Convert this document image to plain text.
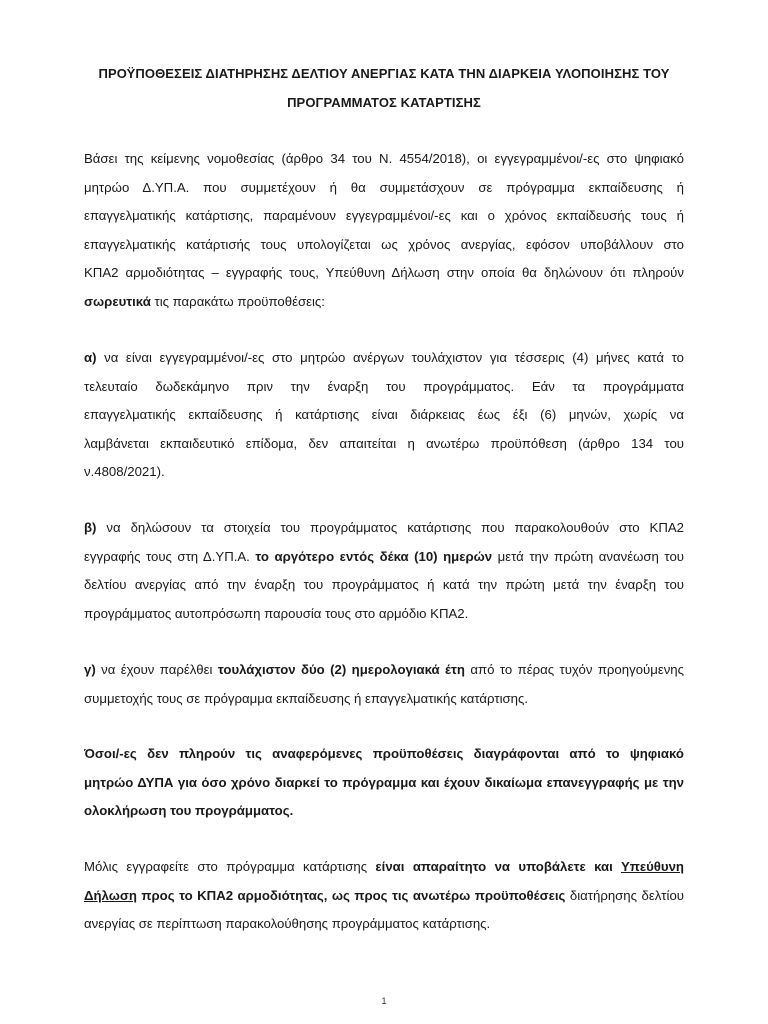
ΠΡΟΫΠΟΘΕΣΕΙΣ ΔΙΑΤΗΡΗΣΗΣ ΔΕΛΤΙΟΥ ΑΝΕΡΓΙΑΣ ΚΑΤΑ ΤΗΝ ΔΙΑΡΚΕΙΑ ΥΛΟΠΟΙΗΣΗΣ ΤΟΥ
ΠΡΟΓΡΑΜΜΑΤΟΣ ΚΑΤΑΡΤΙΣΗΣ
Βάσει της κείμενης νομοθεσίας (άρθρο 34 του Ν. 4554/2018), οι εγγεγραμμένοι/-ες στο ψηφιακό
μητρώο Δ.ΥΠ.Α. που συμμετέχουν ή θα συμμετάσχουν σε πρόγραμμα εκπαίδευσης ή
επαγγελματικής κατάρτισης, παραμένουν εγγεγραμμένοι/-ες και ο χρόνος εκπαίδευσής τους ή
επαγγελματικής κατάρτισής τους υπολογίζεται ως χρόνος ανεργίας, εφόσον υποβάλλουν στο
ΚΠΑ2 αρμοδιότητας – εγγραφής τους, Υπεύθυνη Δήλωση στην οποία θα δηλώνουν ότι πληρούν
σωρευτικά τις παρακάτω προϋποθέσεις:
α) να είναι εγγεγραμμένοι/-ες στο μητρώο ανέργων τουλάχιστον για τέσσερις (4) μήνες κατά το
τελευταίο δωδεκάμηνο πριν την έναρξη του προγράμματος. Εάν τα προγράμματα
επαγγελματικής εκπαίδευσης ή κατάρτισης είναι διάρκειας έως έξι (6) μηνών, χωρίς να
λαμβάνεται εκπαιδευτικό επίδομα, δεν απαιτείται η ανωτέρω προϋπόθεση (άρθρο 134 του
ν.4808/2021).
β) να δηλώσουν τα στοιχεία του προγράμματος κατάρτισης που παρακολουθούν στο ΚΠΑ2
εγγραφής τους στη Δ.ΥΠ.Α. το αργότερο εντός δέκα (10) ημερών μετά την πρώτη ανανέωση του
δελτίου ανεργίας από την έναρξη του προγράμματος ή κατά την πρώτη μετά την έναρξη του
προγράμματος αυτοπρόσωπη παρουσία τους στο αρμόδιο ΚΠΑ2.
γ) να έχουν παρέλθει τουλάχιστον δύο (2) ημερολογιακά έτη από το πέρας τυχόν προηγούμενης
συμμετοχής τους σε πρόγραμμα εκπαίδευσης ή επαγγελματικής κατάρτισης.
Όσοι/-ες δεν πληρούν τις αναφερόμενες προϋποθέσεις διαγράφονται από το ψηφιακό
μητρώο ΔΥΠΑ για όσο χρόνο διαρκεί το πρόγραμμα και έχουν δικαίωμα επανεγγραφής με την
ολοκλήρωση του προγράμματος.
Μόλις εγγραφείτε στο πρόγραμμα κατάρτισης είναι απαραίτητο να υποβάλετε και Υπεύθυνη
Δήλωση προς το ΚΠΑ2 αρμοδιότητας, ως προς τις ανωτέρω προϋποθέσεις διατήρησης δελτίου
ανεργίας σε περίπτωση παρακολούθησης προγράμματος κατάρτισης.
1
